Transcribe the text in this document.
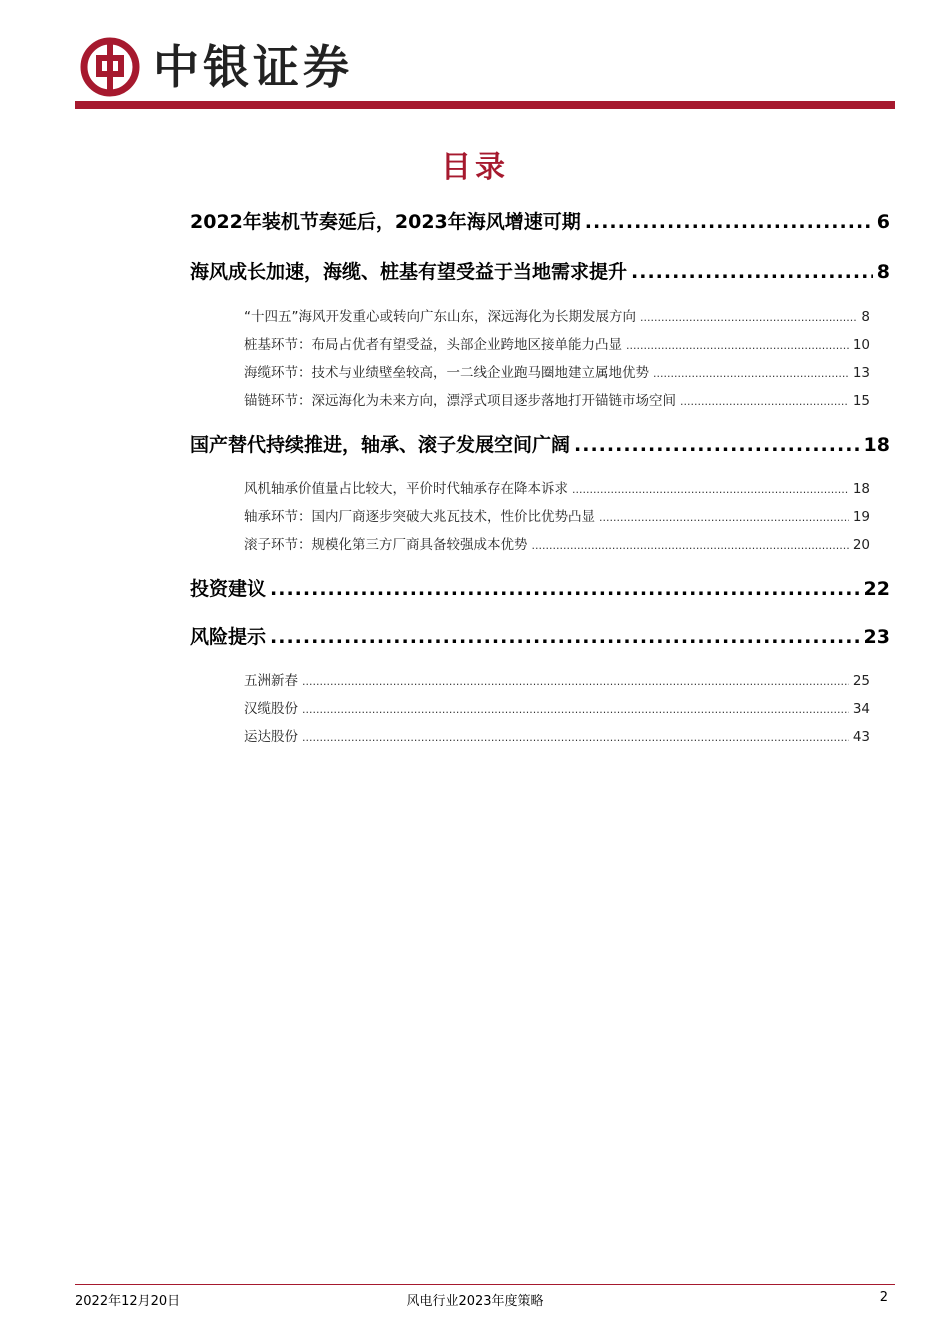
中银证券
目录
2022年装机节奏延后，2023年海风增速可期 .....	6
海风成长加速，海缆、桩基有望受益于当地需求提升 .....	8
“十四五”海风开发重心或转向广东山东，深远海化为长期发展方向 .....	8
桩基环节：布局占优者有望受益，头部企业跨地区接单能力凸显 .....	10
海缆环节：技术与业绩壁垒较高，一二线企业跑马圈地建立属地优势 .....	13
锚链环节：深远海化为未来方向，漂浮式项目逐步落地打开锚链市场空间 .....	15
国产替代持续推进，轴承、滚子发展空间广阔 .....	18
风机轴承价值量占比较大，平价时代轴承存在降本诉求 .....	18
轴承环节：国内厂商逐步突破大兆瓦技术，性价比优势凸显 .....	19
滚子环节：规模化第三方厂商具备较强成本优势 .....	20
投资建议 .....	22
风险提示 .....	23
五洲新春 .....	25
汉缆股份 .....	34
运达股份 .....	43
2022年12月20日	风电行业2023年度策略	2
